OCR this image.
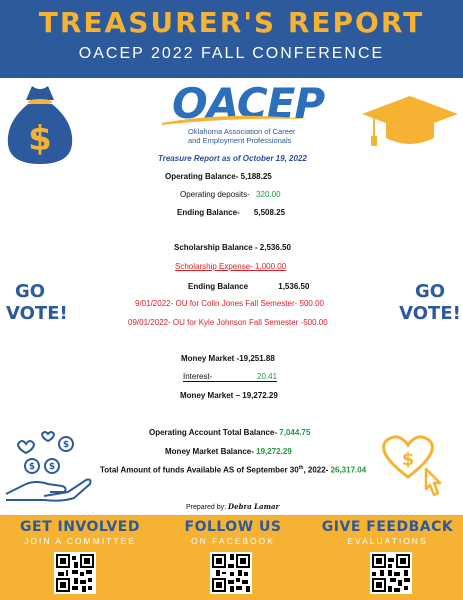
TREASURER'S REPORT
OACEP 2022 FALL CONFERENCE
OACEP
Oklahoma Association of Career
and Employment Professionals
$	Treasure Report as of October 19, 2022
Operating Balance- 5,188.25
Operating deposits- 320.00
Ending Balance- 5,508.25
Scholarship Balance - 2,536.50
Scholarship Expense- 1,000.00
Ending Balance	1,536.50
9/01/2022- OU for Colin Jones Fall Semester- 500.00
09/01/2022- OU for Kyle Johnson Fall Semester -500.00
Money Market -19,251.88
Interest-	20.41
Money Market – 19,272.29
Operating Account Total Balance- 7,044.75
Money Market Balance- 19,272.29
Total Amount of funds Available AS of September 30th, 2022- 26,317.04
GO
VOTE!
GO
VOTE!
$
$ $	$
Prepared by: Debra Lamar
GET INVOLVED
JOIN A COMMITTEE
FOLLOW US
ON FACEBOOK
GIVE FEEDBACK
EVALUATIONS
